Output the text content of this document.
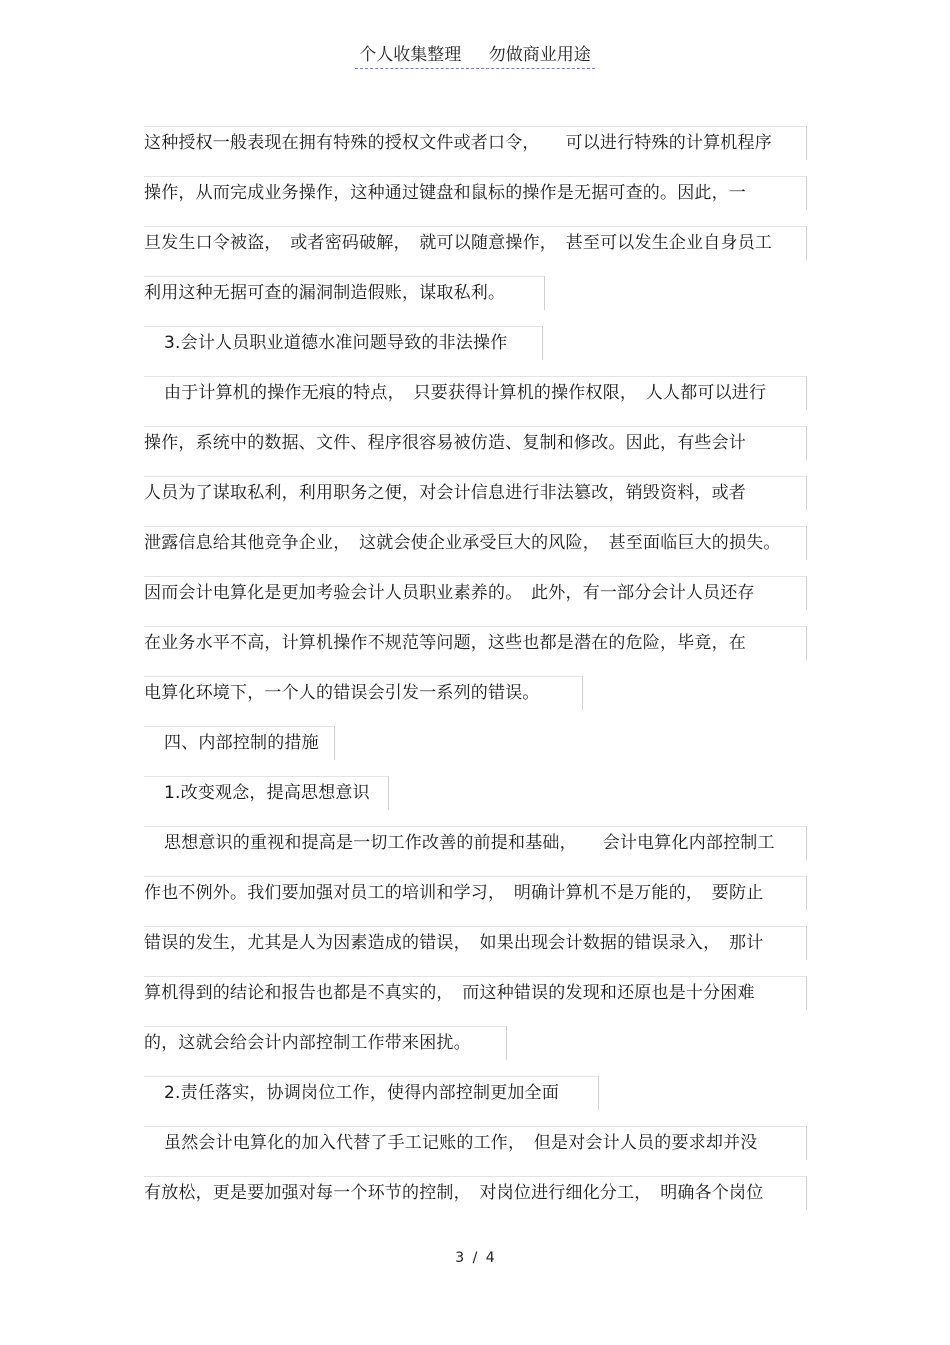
个人收集整理 勿做商业用途
这种授权一般表现在拥有特殊的授权文件或者口令，　　可以进行特殊的计算机程序
操作，从而完成业务操作，这种通过键盘和鼠标的操作是无据可查的。因此，一
旦发生口令被盗，　或者密码破解，　就可以随意操作，　甚至可以发生企业自身员工
利用这种无据可查的漏洞制造假账，谋取私利。
3.会计人员职业道德水准问题导致的非法操作
由于计算机的操作无痕的特点，　只要获得计算机的操作权限，　人人都可以进行
操作，系统中的数据、文件、程序很容易被仿造、复制和修改。因此，有些会计
人员为了谋取私利，利用职务之便，对会计信息进行非法篡改，销毁资料，或者
泄露信息给其他竞争企业，　这就会使企业承受巨大的风险，　甚至面临巨大的损失。
因而会计电算化是更加考验会计人员职业素养的。　此外，有一部分会计人员还存
在业务水平不高，计算机操作不规范等问题，这些也都是潜在的危险，毕竟，在
电算化环境下，一个人的错误会引发一系列的错误。
四、内部控制的措施
1.改变观念，提高思想意识
思想意识的重视和提高是一切工作改善的前提和基础，　　会计电算化内部控制工
作也不例外。我们要加强对员工的培训和学习，　明确计算机不是万能的，　要防止
错误的发生，尤其是人为因素造成的错误，　如果出现会计数据的错误录入，　那计
算机得到的结论和报告也都是不真实的，　而这种错误的发现和还原也是十分困难
的，这就会给会计内部控制工作带来困扰。
2.责任落实，协调岗位工作，使得内部控制更加全面
虽然会计电算化的加入代替了手工记账的工作，　但是对会计人员的要求却并没
有放松，更是要加强对每一个环节的控制，　对岗位进行细化分工，　明确各个岗位
3 / 4
